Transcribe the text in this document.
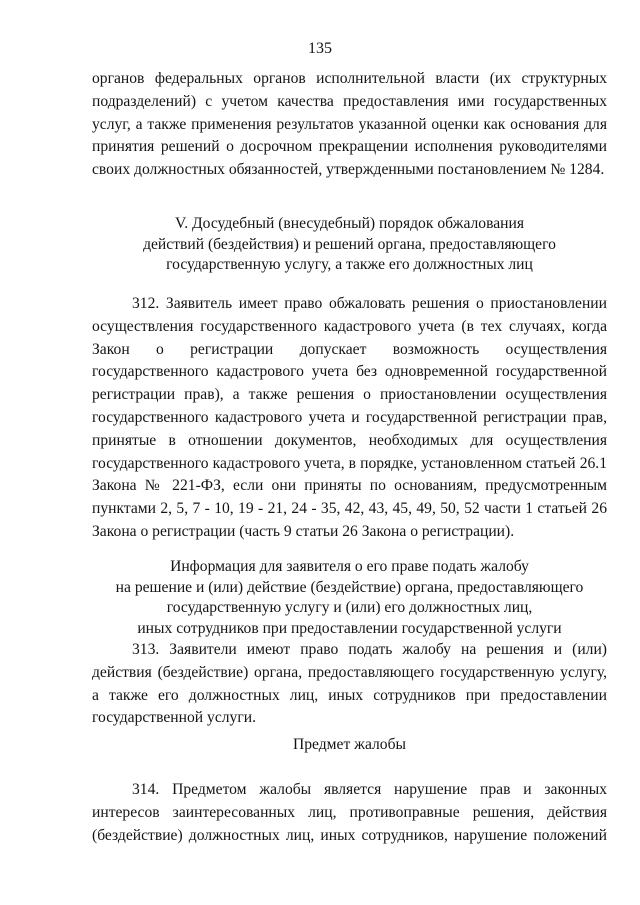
135

органов федеральных органов исполнительной власти (их структурных подразделений) с учетом качества предоставления ими государственных услуг, а также применения результатов указанной оценки как основания для принятия решений о досрочном прекращении исполнения руководителями своих должностных обязанностей, утвержденными постановлением № 1284.

V. Досудебный (внесудебный) порядок обжалования
действий (бездействия) и решений органа, предоставляющего
государственную услугу, а также его должностных лиц

312. Заявитель имеет право обжаловать решения о приостановлении осуществления государственного кадастрового учета (в тех случаях, когда Закон о регистрации допускает возможность осуществления государственного кадастрового учета без одновременной государственной регистрации прав), а также решения о приостановлении осуществления государственного кадастрового учета и государственной регистрации прав, принятые в отношении документов, необходимых для осуществления государственного кадастрового учета, в порядке, установленном статьей 26.1 Закона № 221-ФЗ, если они приняты по основаниям, предусмотренным пунктами 2, 5, 7 - 10, 19 - 21, 24 - 35, 42, 43, 45, 49, 50, 52 части 1 статьей 26 Закона о регистрации (часть 9 статьи 26 Закона о регистрации).

Информация для заявителя о его праве подать жалобу
на решение и (или) действие (бездействие) органа, предоставляющего
государственную услугу и (или) его должностных лиц,
иных сотрудников при предоставлении государственной услуги

313. Заявители имеют право подать жалобу на решения и (или) действия (бездействие) органа, предоставляющего государственную услугу, а также его должностных лиц, иных сотрудников при предоставлении государственной услуги.

Предмет жалобы

314. Предметом жалобы является нарушение прав и законных интересов заинтересованных лиц, противоправные решения, действия (бездействие) должностных лиц, иных сотрудников, нарушение положений
